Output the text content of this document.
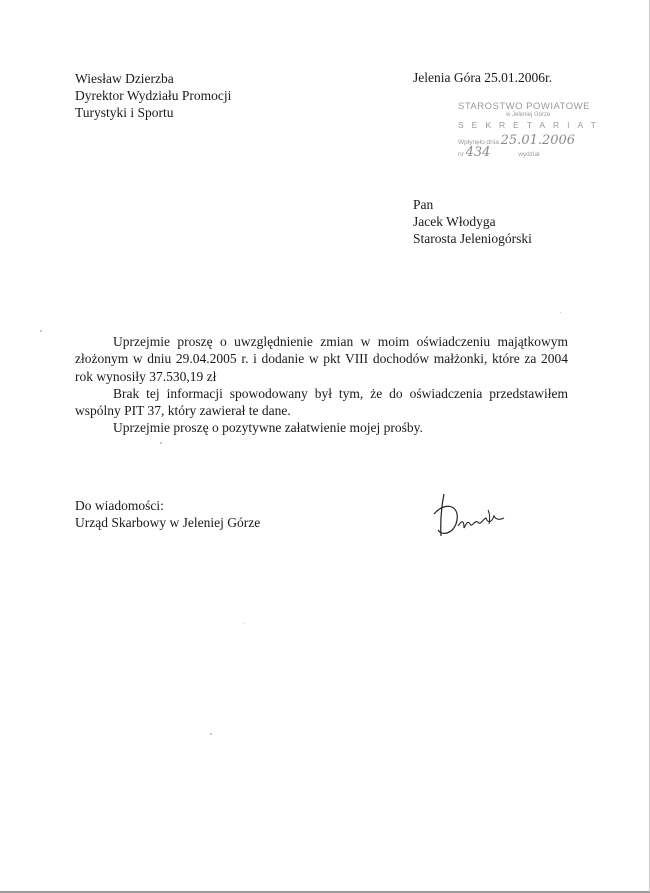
Wiesław Dzierzba
Dyrektor Wydziału Promocji
Turystyki i Sportu
Jelenia Góra 25.01.2006r.
STAROSTWO POWIATOWE
w Jeleniej Górze
SEKRETARIAT
Wpłynęło dnia 25.01.2006
nr 434	wydział
Pan
Jacek Włodyga
Starosta Jeleniogórski

Uprzejmie proszę o uwzględnienie zmian w moim oświadczeniu majątkowym złożonym w dniu 29.04.2005 r. i dodanie w pkt VIII dochodów małżonki, które za 2004 rok wynosiły 37.530,19 zł

Brak tej informacji spowodowany był tym, że do oświadczenia przedstawiłem wspólny PIT 37, który zawierał te dane.

Uprzejmie proszę o pozytywne załatwienie mojej prośby.

Do wiadomości:
Urząd Skarbowy w Jeleniej Górze
